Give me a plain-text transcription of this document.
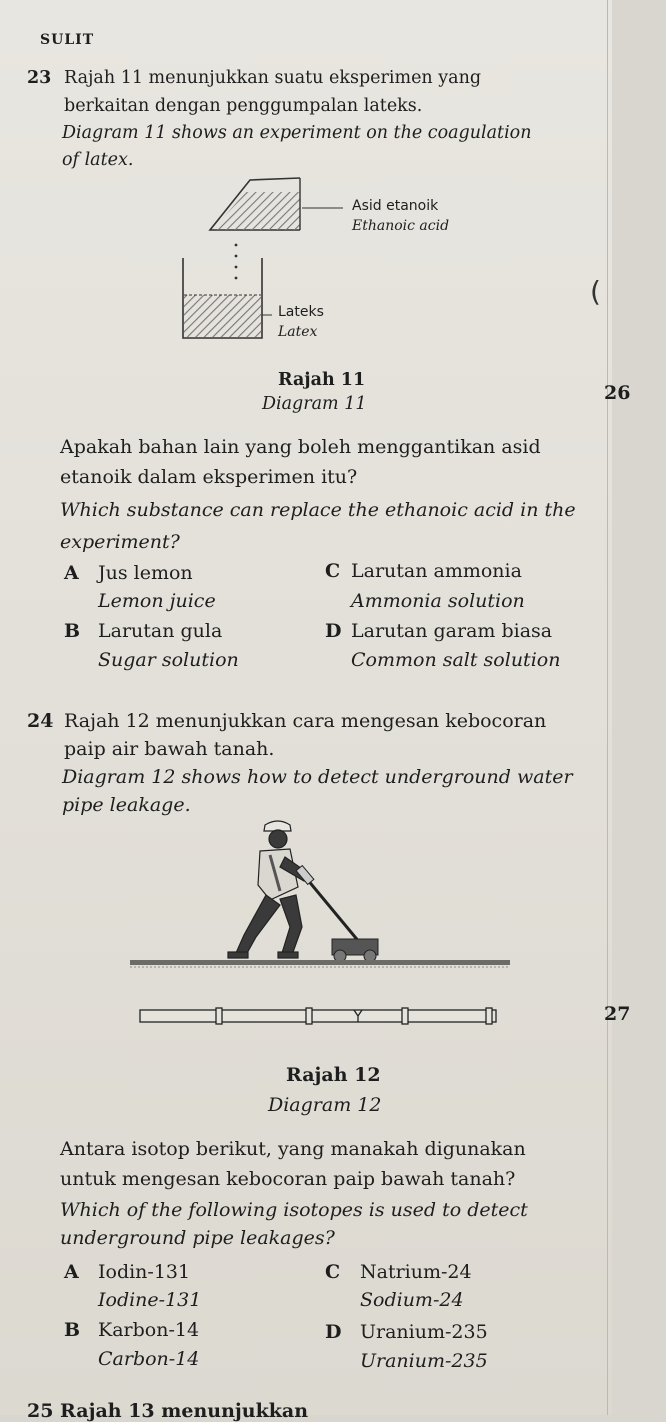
SULIT
23 Rajah 11 menunjukkan suatu eksperimen yang
berkaitan dengan penggumpalan lateks.
Diagram 11 shows an experiment on the coagulation
of latex.
Asid etanoik
Ethanoic acid
Lateks
Latex
Rajah 11
Diagram 11
(
26
Apakah bahan lain yang boleh menggantikan asid
etanoik dalam eksperimen itu?
Which substance can replace the ethanoic acid in the
experiment?
A Jus lemon
Lemon juice
B Larutan gula
Sugar solution
C Larutan ammonia
Ammonia solution
D Larutan garam biasa
Common salt solution
24 Rajah 12 menunjukkan cara mengesan kebocoran
paip air bawah tanah.
Diagram 12 shows how to detect underground water
pipe leakage.
27
Rajah 12
Diagram 12
Antara isotop berikut, yang manakah digunakan
untuk mengesan kebocoran paip bawah tanah?
Which of the following isotopes is used to detect
underground pipe leakages?
A Iodin-131
Iodine-131
B Karbon-14
Carbon-14
C Natrium-24
Sodium-24
D Uranium-235
Uranium-235
25 Rajah 13 menunjukkan
